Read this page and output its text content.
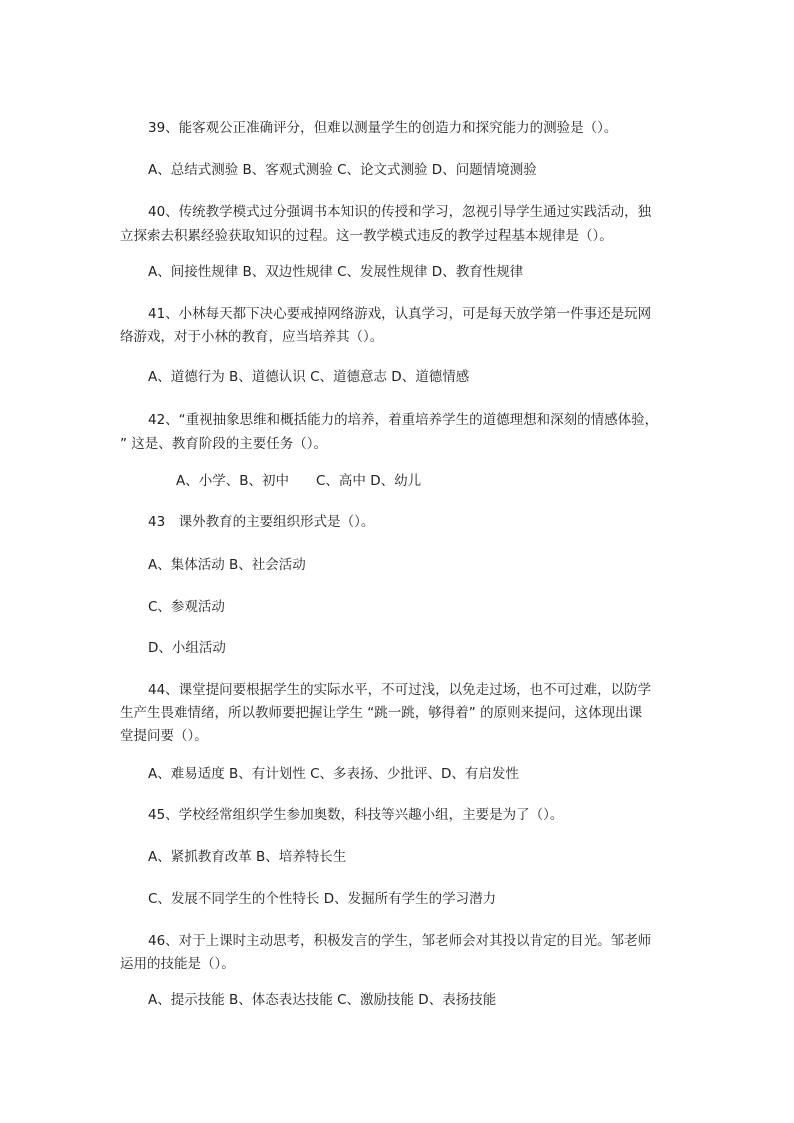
39、能客观公正准确评分，但难以测量学生的创造力和探究能力的测验是（）。
A、总结式测验 B、客观式测验 C、论文式测验 D、问题情境测验
40、传统教学模式过分强调书本知识的传授和学习，忽视引导学生通过实践活动，独
立探索去积累经验获取知识的过程。这一教学模式违反的教学过程基本规律是（）。
A、间接性规律 B、双边性规律 C、发展性规律 D、教育性规律
41、小林每天都下决心要戒掉网络游戏，认真学习，可是每天放学第一件事还是玩网
络游戏，对于小林的教育，应当培养其（）。
A、道德行为 B、道德认识 C、道德意志 D、道德情感
42、“重视抽象思维和概括能力的培养，着重培养学生的道德理想和深刻的情感体验，
” 这是、教育阶段的主要任务（）。
A、小学、B、初中　　C、高中 D、幼儿
43　课外教育的主要组织形式是（）。
A、集体活动 B、社会活动
C、参观活动
D、小组活动
44、课堂提问要根据学生的实际水平，不可过浅，以免走过场，也不可过难，以防学
生产生畏难情绪，所以教师要把握让学生 “跳一跳，够得着” 的原则来提问，这体现出课
堂提问要（）。
A、难易适度 B、有计划性 C、多表扬、少批评、D、有启发性
45、学校经常组织学生参加奥数，科技等兴趣小组，主要是为了（）。
A、紧抓教育改革 B、培养特长生
C、发展不同学生的个性特长 D、发掘所有学生的学习潜力
46、对于上课时主动思考，积极发言的学生，邹老师会对其投以肯定的目光。邹老师
运用的技能是（）。
A、提示技能 B、体态表达技能 C、激励技能 D、表扬技能
